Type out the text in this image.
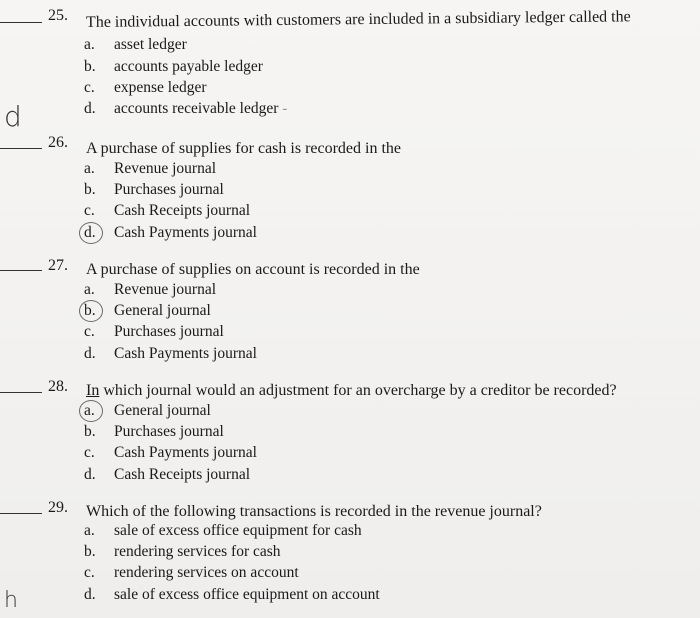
25. The individual accounts with customers are included in a subsidiary ledger called the
a. asset ledger
b. accounts payable ledger
c. expense ledger
d. accounts receivable ledger -
d
26. A purchase of supplies for cash is recorded in the
a. Revenue journal
b. Purchases journal
c. Cash Receipts journal
d. Cash Payments journal
27. A purchase of supplies on account is recorded in the
a. Revenue journal
b. General journal
c. Purchases journal
d. Cash Payments journal
28. In which journal would an adjustment for an overcharge by a creditor be recorded?
a. General journal
b. Purchases journal
c. Cash Payments journal
d. Cash Receipts journal
29. Which of the following transactions is recorded in the revenue journal?
a. sale of excess office equipment for cash
b. rendering services for cash
c. rendering services on account
d. sale of excess office equipment on account
h
